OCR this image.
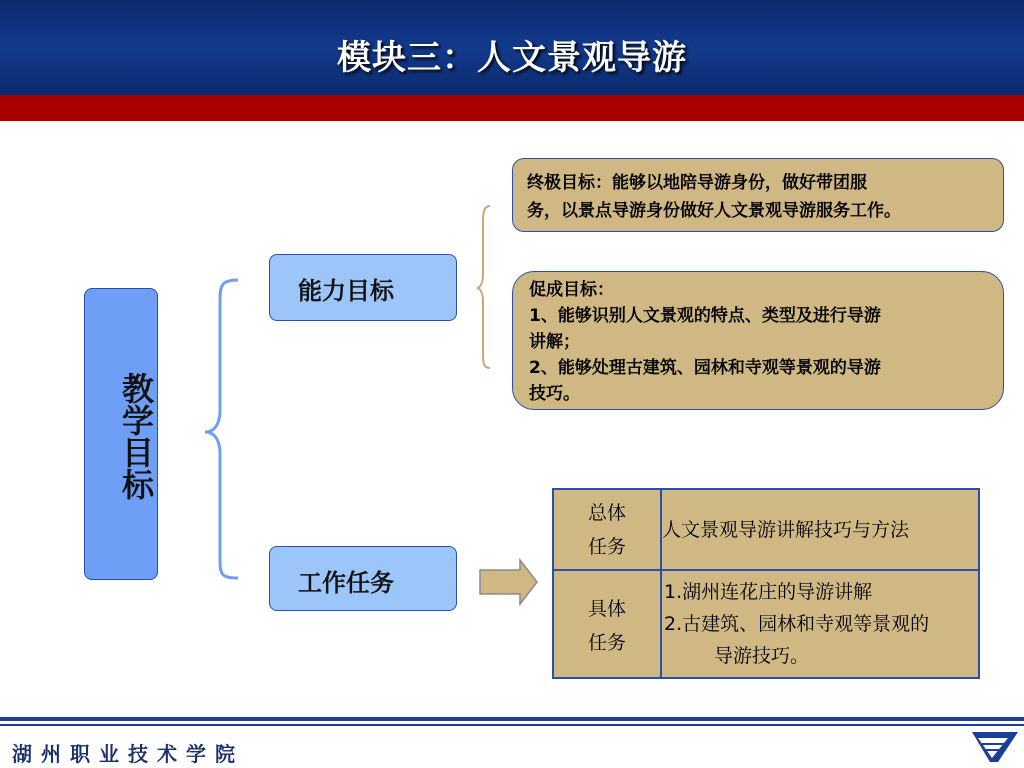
模块三：人文景观导游
教学目标
能力目标
工作任务
终极目标：能够以地陪导游身份，做好带团服
务，以景点导游身份做好人文景观导游服务工作。
促成目标：
1、能够识别人文景观的特点、类型及进行导游
讲解；
2、能够处理古建筑、园林和寺观等景观的导游
技巧。
总体
任务
人文景观导游讲解技巧与方法
具体
任务
1.湖州连花庄的导游讲解
2.古建筑、园林和寺观等景观的
导游技巧。
湖州职业技术学院
